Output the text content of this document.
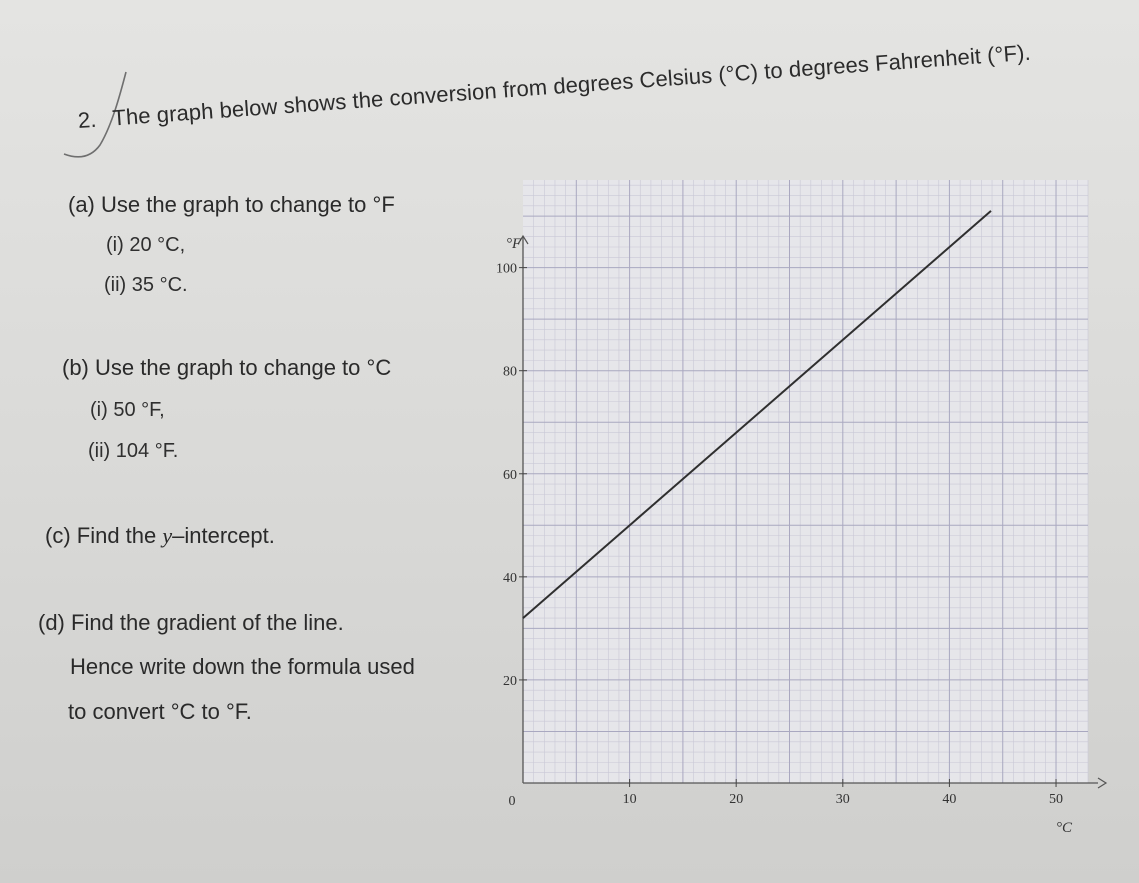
2. The graph below shows the conversion from degrees Celsius (°C) to degrees Fahrenheit (°F).
(a) Use the graph to change to °F
(i) 20 °C,
(ii) 35 °C.
(b) Use the graph to change to °C
(i) 50 °F,
(ii) 104 °F.
(c) Find the y–intercept.
(d) Find the gradient of the line.
Hence write down the formula used
to convert °C to °F.
10	20	30	40	50
20
40
60
80
100
0
°F
°C
